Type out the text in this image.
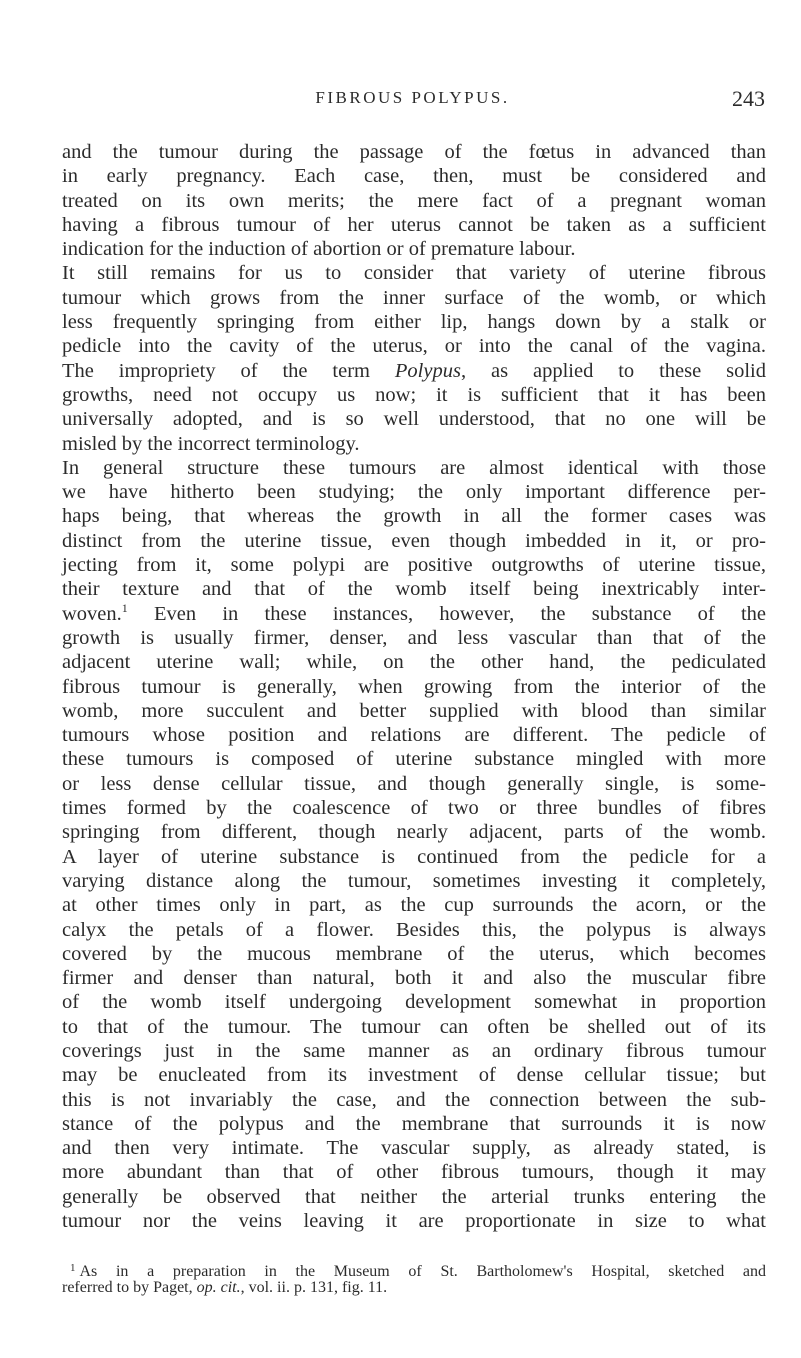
FIBROUS POLYPUS.	243
and the tumour during the passage of the fœtus in advanced than
in early pregnancy. Each case, then, must be considered and
treated on its own merits; the mere fact of a pregnant woman
having a fibrous tumour of her uterus cannot be taken as a sufficient
indication for the induction of abortion or of premature labour.
It still remains for us to consider that variety of uterine fibrous
tumour which grows from the inner surface of the womb, or which
less frequently springing from either lip, hangs down by a stalk or
pedicle into the cavity of the uterus, or into the canal of the vagina.
The impropriety of the term Polypus, as applied to these solid
growths, need not occupy us now; it is sufficient that it has been
universally adopted, and is so well understood, that no one will be
misled by the incorrect terminology.
In general structure these tumours are almost identical with those
we have hitherto been studying; the only important difference per-
haps being, that whereas the growth in all the former cases was
distinct from the uterine tissue, even though imbedded in it, or pro-
jecting from it, some polypi are positive outgrowths of uterine tissue,
their texture and that of the womb itself being inextricably inter-
woven.$^1$ Even in these instances, however, the substance of the
growth is usually firmer, denser, and less vascular than that of the
adjacent uterine wall; while, on the other hand, the pediculated
fibrous tumour is generally, when growing from the interior of the
womb, more succulent and better supplied with blood than similar
tumours whose position and relations are different. The pedicle of
these tumours is composed of uterine substance mingled with more
or less dense cellular tissue, and though generally single, is some-
times formed by the coalescence of two or three bundles of fibres
springing from different, though nearly adjacent, parts of the womb.
A layer of uterine substance is continued from the pedicle for a
varying distance along the tumour, sometimes investing it completely,
at other times only in part, as the cup surrounds the acorn, or the
calyx the petals of a flower. Besides this, the polypus is always
covered by the mucous membrane of the uterus, which becomes
firmer and denser than natural, both it and also the muscular fibre
of the womb itself undergoing development somewhat in proportion
to that of the tumour. The tumour can often be shelled out of its
coverings just in the same manner as an ordinary fibrous tumour
may be enucleated from its investment of dense cellular tissue; but
this is not invariably the case, and the connection between the sub-
stance of the polypus and the membrane that surrounds it is now
and then very intimate. The vascular supply, as already stated, is
more abundant than that of other fibrous tumours, though it may
generally be observed that neither the arterial trunks entering the
tumour nor the veins leaving it are proportionate in size to what
$^1$ As in a preparation in the Museum of St. Bartholomew's Hospital, sketched and
referred to by Paget, op. cit., vol. ii. p. 131, fig. 11.
